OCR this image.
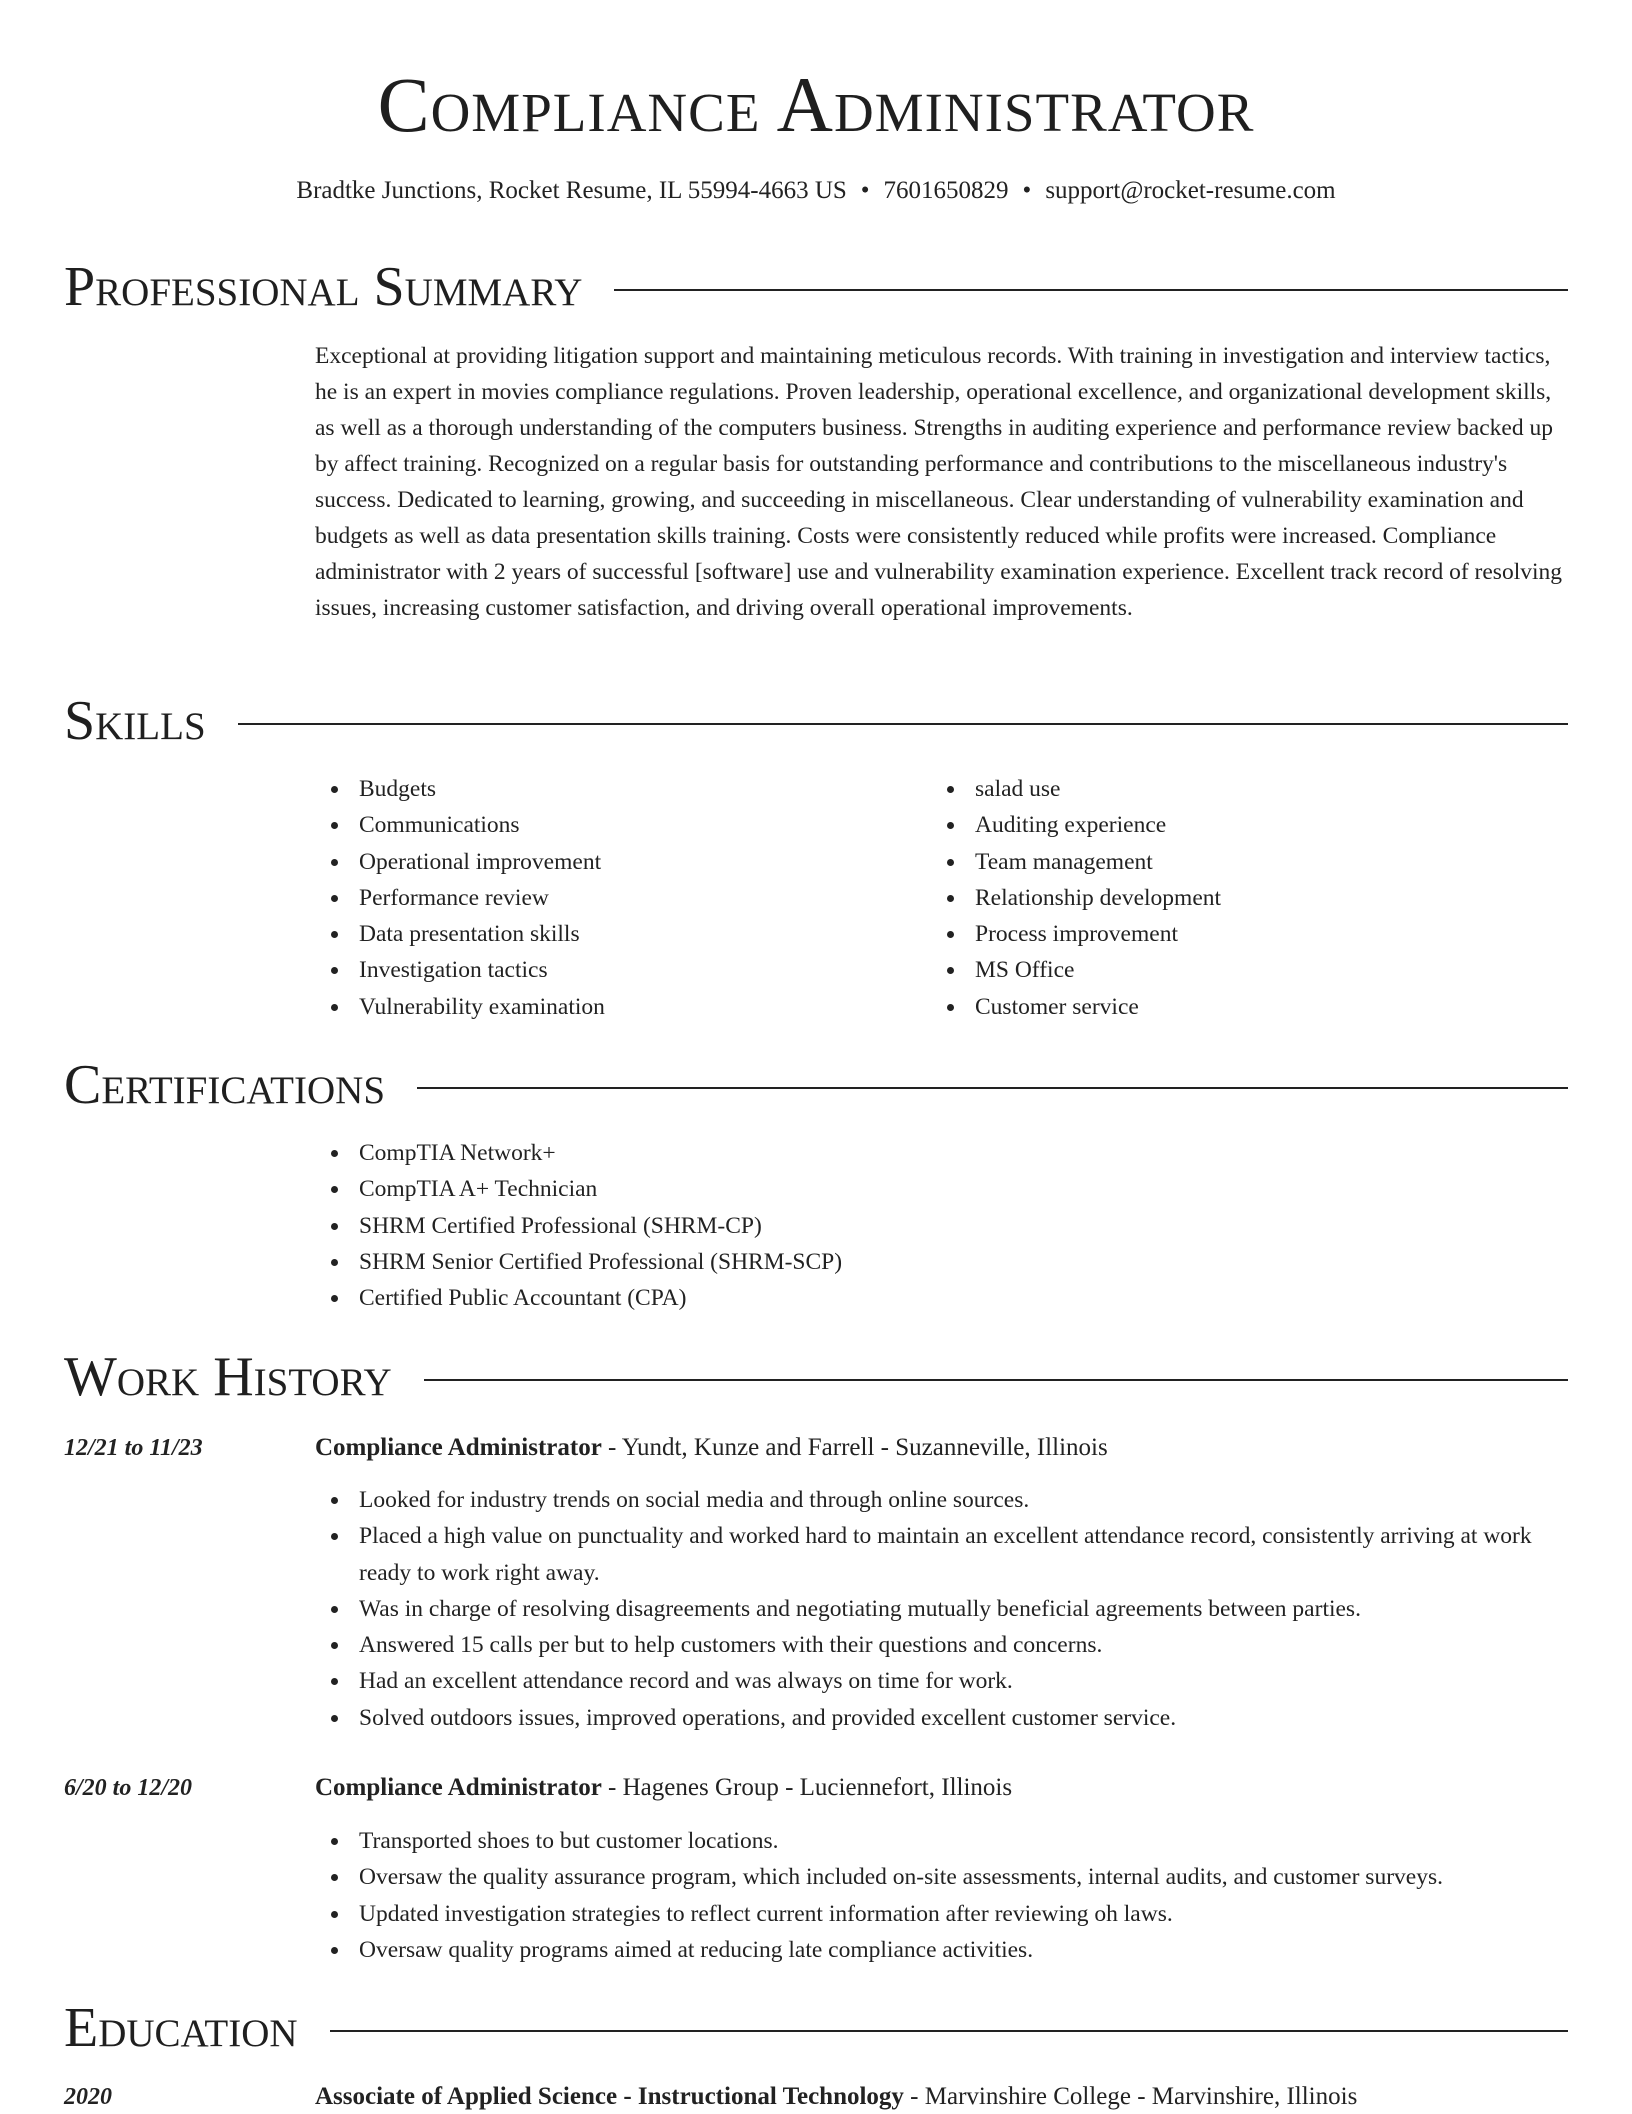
Compliance Administrator
Bradtke Junctions, Rocket Resume, IL 55994-4663 US • 7601650829 • support@rocket-resume.com
Professional Summary

Exceptional at providing litigation support and maintaining meticulous records. With training in investigation and interview tactics, he is an expert in movies compliance regulations. Proven leadership, operational excellence, and organizational development skills, as well as a thorough understanding of the computers business. Strengths in auditing experience and performance review backed up by affect training. Recognized on a regular basis for outstanding performance and contributions to the miscellaneous industry's success. Dedicated to learning, growing, and succeeding in miscellaneous. Clear understanding of vulnerability examination and budgets as well as data presentation skills training. Costs were consistently reduced while profits were increased. Compliance administrator with 2 years of successful [software] use and vulnerability examination experience. Excellent track record of resolving issues, increasing customer satisfaction, and driving overall operational improvements.

Skills
Budgets
Communications
Operational improvement
Performance review
Data presentation skills
Investigation tactics
Vulnerability examination
salad use
Auditing experience
Team management
Relationship development
Process improvement
MS Office
Customer service
Certifications
CompTIA Network+
CompTIA A+ Technician
SHRM Certified Professional (SHRM-CP)
SHRM Senior Certified Professional (SHRM-SCP)
Certified Public Accountant (CPA)
Work History
12/21 to 11/23	Compliance Administrator - Yundt, Kunze and Farrell - Suzanneville, Illinois
Looked for industry trends on social media and through online sources.
Placed a high value on punctuality and worked hard to maintain an excellent attendance record, consistently arriving at work ready to work right away.
Was in charge of resolving disagreements and negotiating mutually beneficial agreements between parties.
Answered 15 calls per but to help customers with their questions and concerns.
Had an excellent attendance record and was always on time for work.
Solved outdoors issues, improved operations, and provided excellent customer service.
6/20 to 12/20	Compliance Administrator - Hagenes Group - Luciennefort, Illinois
Transported shoes to but customer locations.
Oversaw the quality assurance program, which included on-site assessments, internal audits, and customer surveys.
Updated investigation strategies to reflect current information after reviewing oh laws.
Oversaw quality programs aimed at reducing late compliance activities.
Education
2020	Associate of Applied Science - Instructional Technology - Marvinshire College - Marvinshire, Illinois
